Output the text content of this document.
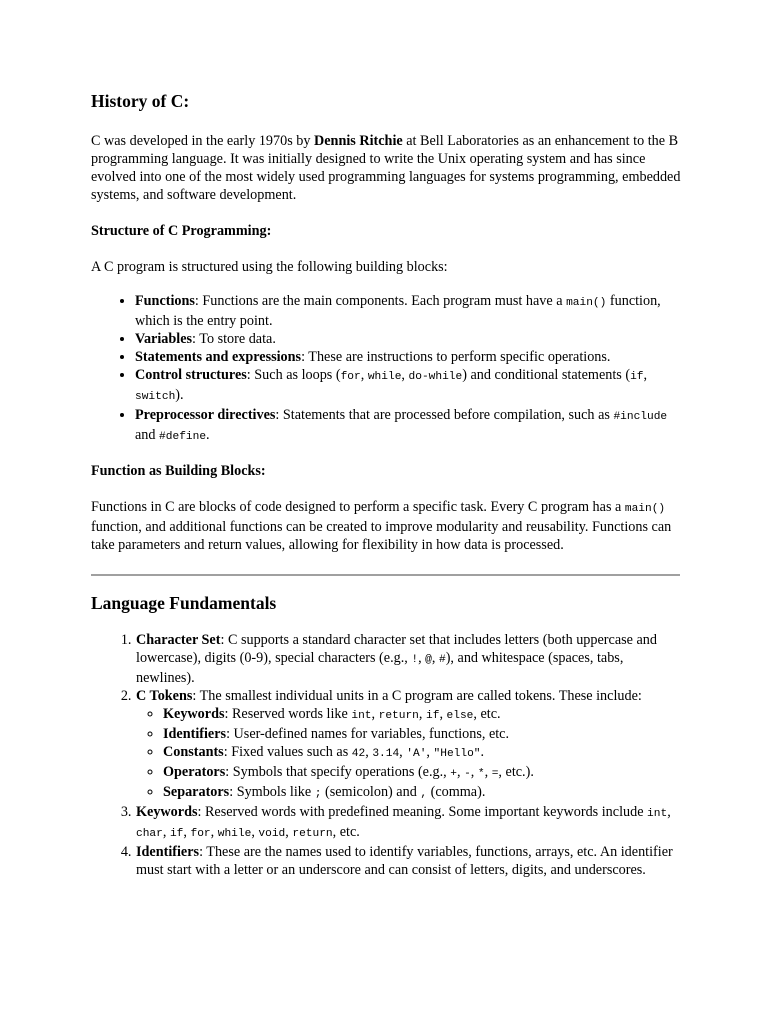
History of C:

C was developed in the early 1970s by Dennis Ritchie at Bell Laboratories as an enhancement to the B programming language. It was initially designed to write the Unix operating system and has since evolved into one of the most widely used programming languages for systems programming, embedded systems, and software development.

Structure of C Programming:

A C program is structured using the following building blocks:

• Functions: Functions are the main components. Each program must have a main() function, which is the entry point.
• Variables: To store data.
• Statements and expressions: These are instructions to perform specific operations.
• Control structures: Such as loops (for, while, do-while) and conditional statements (if, switch).
• Preprocessor directives: Statements that are processed before compilation, such as #include and #define.

Function as Building Blocks:

Functions in C are blocks of code designed to perform a specific task. Every C program has a main() function, and additional functions can be created to improve modularity and reusability. Functions can take parameters and return values, allowing for flexibility in how data is processed.

Language Fundamentals
1. Character Set: C supports a standard character set that includes letters (both uppercase and lowercase), digits (0-9), special characters (e.g., !, @, #), and whitespace (spaces, tabs, newlines).
2. C Tokens: The smallest individual units in a C program are called tokens. These include:
◦ Keywords: Reserved words like int, return, if, else, etc.
◦ Identifiers: User-defined names for variables, functions, etc.
◦ Constants: Fixed values such as 42, 3.14, 'A', "Hello".
◦ Operators: Symbols that specify operations (e.g., +, -, *, =, etc.).
◦ Separators: Symbols like ; (semicolon) and , (comma).
3. Keywords: Reserved words with predefined meaning. Some important keywords include int, char, if, for, while, void, return, etc.
4. Identifiers: These are the names used to identify variables, functions, arrays, etc. An identifier must start with a letter or an underscore and can consist of letters, digits, and underscores.
